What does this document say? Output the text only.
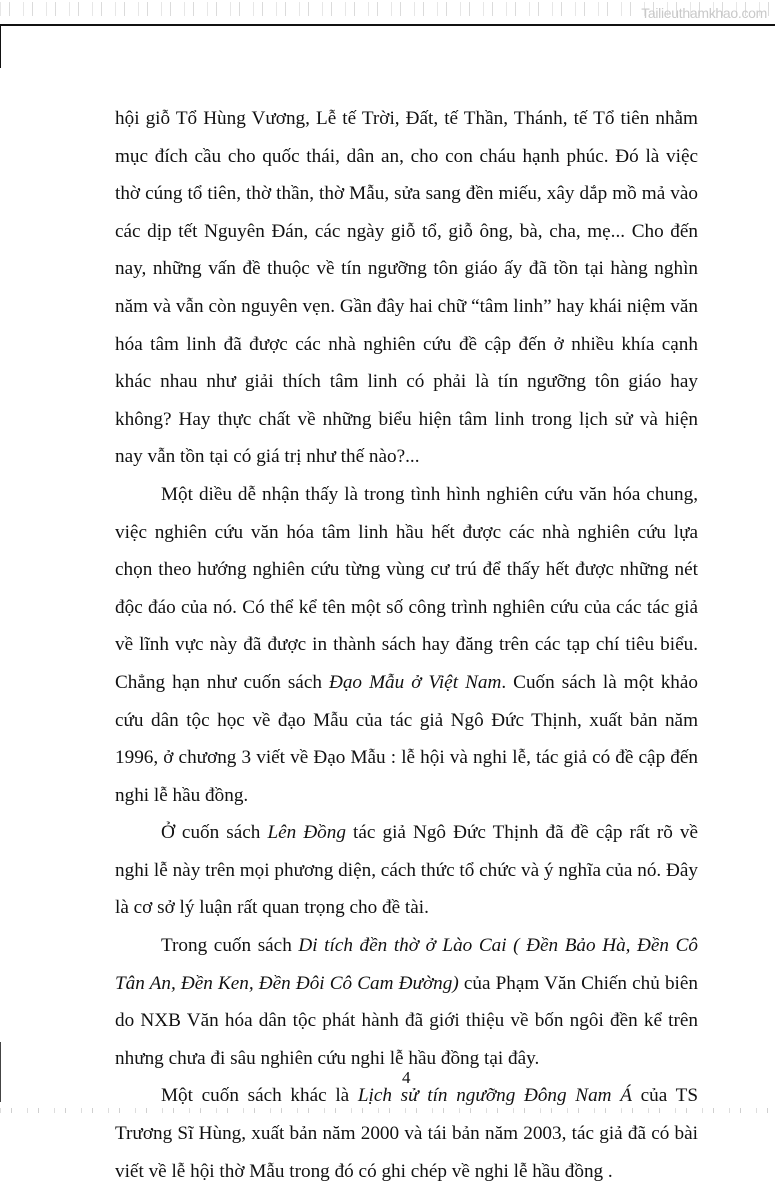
Tailieuthamkhao.com

hội giỗ Tổ Hùng Vương, Lễ tế Trời, Đất, tế Thần, Thánh, tế Tổ tiên nhằm mục đích cầu cho quốc thái, dân an, cho con cháu hạnh phúc. Đó là việc thờ cúng tổ tiên, thờ thần, thờ Mẫu, sửa sang đền miếu, xây dắp mồ mả vào các dịp tết Nguyên Đán, các ngày giỗ tổ, giỗ ông, bà, cha, mẹ... Cho đến nay, những vấn đề thuộc về tín ngưỡng tôn giáo ấy đã tồn tại hàng nghìn năm và vẫn còn nguyên vẹn. Gần đây hai chữ “tâm linh” hay khái niệm văn hóa tâm linh đã được các nhà nghiên cứu đề cập đến ở nhiều khía cạnh khác nhau như giải thích tâm linh có phải là tín ngưỡng tôn giáo hay không? Hay thực chất về những biểu hiện tâm linh trong lịch sử và hiện nay vẫn tồn tại có giá trị như thế nào?...

Một diều dễ nhận thấy là trong tình hình nghiên cứu văn hóa chung, việc nghiên cứu văn hóa tâm linh hầu hết được các nhà nghiên cứu lựa chọn theo hướng nghiên cứu từng vùng cư trú để thấy hết được những nét độc đáo của nó. Có thể kể tên một số công trình nghiên cứu của các tác giả về lĩnh vực này đã được in thành sách hay đăng trên các tạp chí tiêu biểu. Chẳng hạn như cuốn sách Đạo Mẫu ở Việt Nam. Cuốn sách là một khảo cứu dân tộc học về đạo Mẫu của tác giả Ngô Đức Thịnh, xuất bản năm 1996, ở chương 3 viết về Đạo Mẫu : lễ hội và nghi lễ, tác giả có đề cập đến nghi lễ hầu đồng.

Ở cuốn sách Lên Đồng tác giả Ngô Đức Thịnh đã đề cập rất rõ về nghi lễ này trên mọi phương diện, cách thức tổ chức và ý nghĩa của nó. Đây là cơ sở lý luận rất quan trọng cho đề tài.

Trong cuốn sách Di tích đền thờ ở Lào Cai ( Đền Bảo Hà, Đền Cô Tân An, Đền Ken, Đền Đôi Cô Cam Đường) của Phạm Văn Chiến chủ biên do NXB Văn hóa dân tộc phát hành đã giới thiệu về bốn ngôi đền kể trên nhưng chưa đi sâu nghiên cứu nghi lễ hầu đồng tại đây.

Một cuốn sách khác là Lịch sử tín ngưỡng Đông Nam Á của TS Trương Sĩ Hùng, xuất bản năm 2000 và tái bản năm 2003, tác giả đã có bài viết về lễ hội thờ Mẫu trong đó có ghi chép về nghi lễ hầu đồng .

4
